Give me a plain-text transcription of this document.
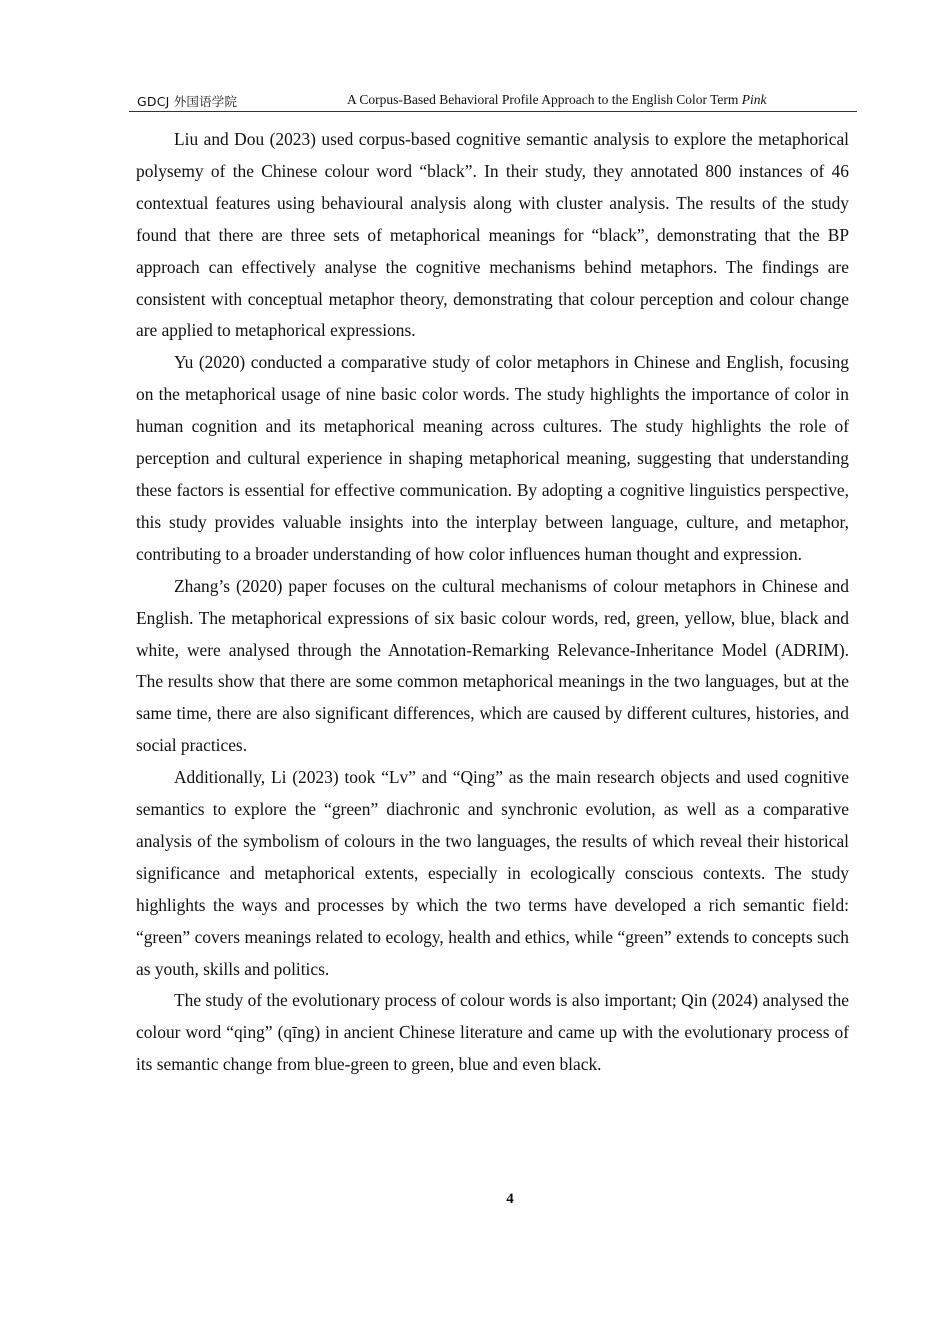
GDCJ 外国语学院	A Corpus-Based Behavioral Profile Approach to the English Color Term Pink

Liu and Dou (2023) used corpus-based cognitive semantic analysis to explore the metaphorical polysemy of the Chinese colour word “black”. In their study, they annotated 800 instances of 46 contextual features using behavioural analysis along with cluster analysis. The results of the study found that there are three sets of metaphorical meanings for “black”, demonstrating that the BP approach can effectively analyse the cognitive mechanisms behind metaphors. The findings are consistent with conceptual metaphor theory, demonstrating that colour perception and colour change are applied to metaphorical expressions.

Yu (2020) conducted a comparative study of color metaphors in Chinese and English, focusing on the metaphorical usage of nine basic color words. The study highlights the importance of color in human cognition and its metaphorical meaning across cultures. The study highlights the role of perception and cultural experience in shaping metaphorical meaning, suggesting that understanding these factors is essential for effective communication. By adopting a cognitive linguistics perspective, this study provides valuable insights into the interplay between language, culture, and metaphor, contributing to a broader understanding of how color influences human thought and expression.

Zhang’s (2020) paper focuses on the cultural mechanisms of colour metaphors in Chinese and English. The metaphorical expressions of six basic colour words, red, green, yellow, blue, black and white, were analysed through the Annotation-Remarking Relevance-Inheritance Model (ADRIM). The results show that there are some common metaphorical meanings in the two languages, but at the same time, there are also significant differences, which are caused by different cultures, histories, and social practices.

Additionally, Li (2023) took “Lv” and “Qing” as the main research objects and used cognitive semantics to explore the “green” diachronic and synchronic evolution, as well as a comparative analysis of the symbolism of colours in the two languages, the results of which reveal their historical significance and metaphorical extents, especially in ecologically conscious contexts. The study highlights the ways and processes by which the two terms have developed a rich semantic field: “green” covers meanings related to ecology, health and ethics, while “green” extends to concepts such as youth, skills and politics.

The study of the evolutionary process of colour words is also important; Qin (2024) analysed the colour word “qing” (qīng) in ancient Chinese literature and came up with the evolutionary process of its semantic change from blue-green to green, blue and even black.

4
